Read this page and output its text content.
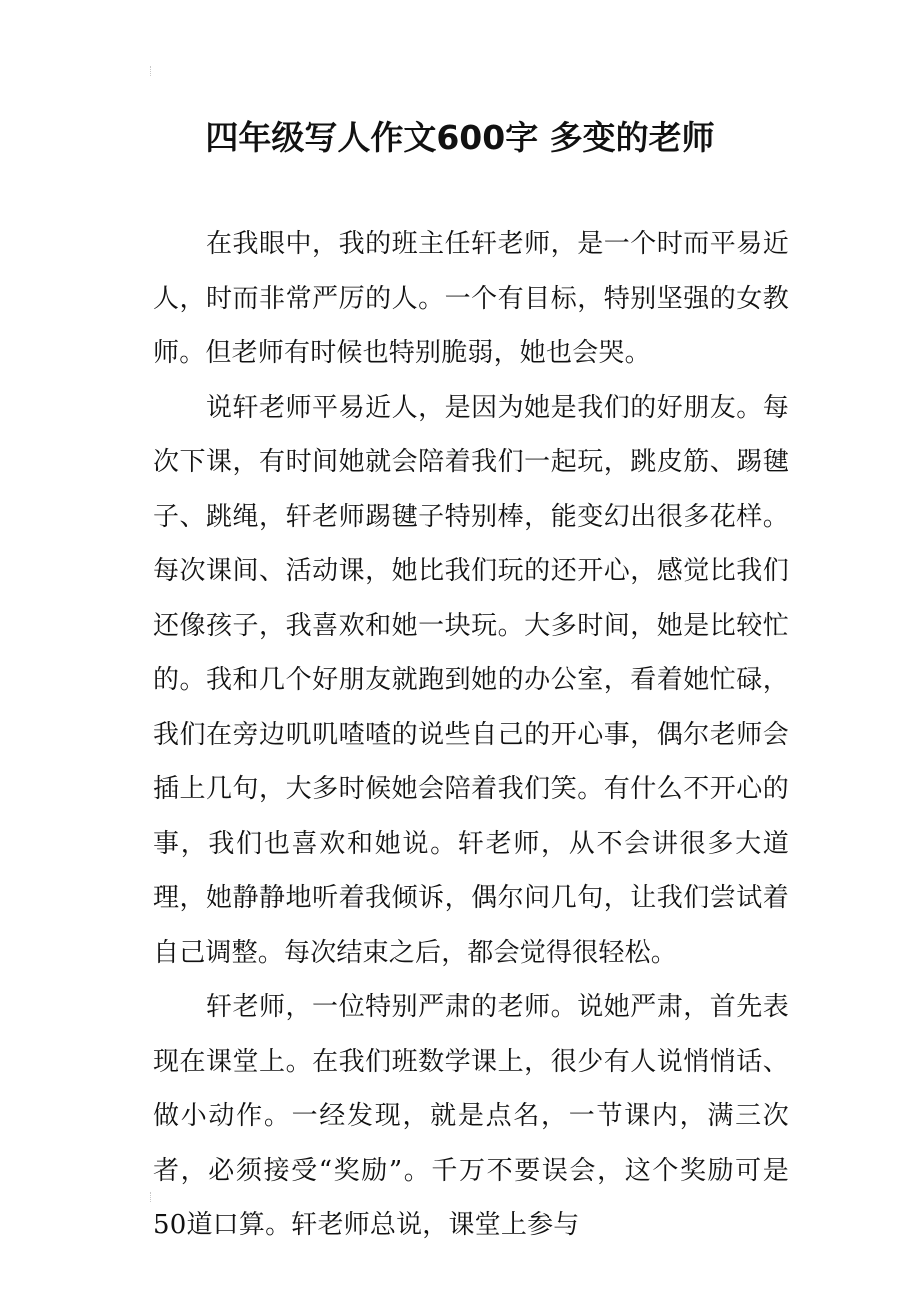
四年级写人作文600字 多变的老师

在我眼中，我的班主任轩老师，是一个时而平易近人，时而非常严厉的人。一个有目标，特别坚强的女教师。但老师有时候也特别脆弱，她也会哭。

说轩老师平易近人，是因为她是我们的好朋友。每次下课，有时间她就会陪着我们一起玩，跳皮筋、踢毽子、跳绳，轩老师踢毽子特别棒，能变幻出很多花样。每次课间、活动课，她比我们玩的还开心，感觉比我们还像孩子，我喜欢和她一块玩。大多时间，她是比较忙的。我和几个好朋友就跑到她的办公室，看着她忙碌，我们在旁边叽叽喳喳的说些自己的开心事，偶尔老师会插上几句，大多时候她会陪着我们笑。有什么不开心的事，我们也喜欢和她说。轩老师，从不会讲很多大道理，她静静地听着我倾诉，偶尔问几句，让我们尝试着自己调整。每次结束之后，都会觉得很轻松。

轩老师，一位特别严肃的老师。说她严肃，首先表现在课堂上。在我们班数学课上，很少有人说悄悄话、做小动作。一经发现，就是点名，一节课内，满三次者，必须接受“奖励”。千万不要误会，这个奖励可是50道口算。轩老师总说，课堂上参与
